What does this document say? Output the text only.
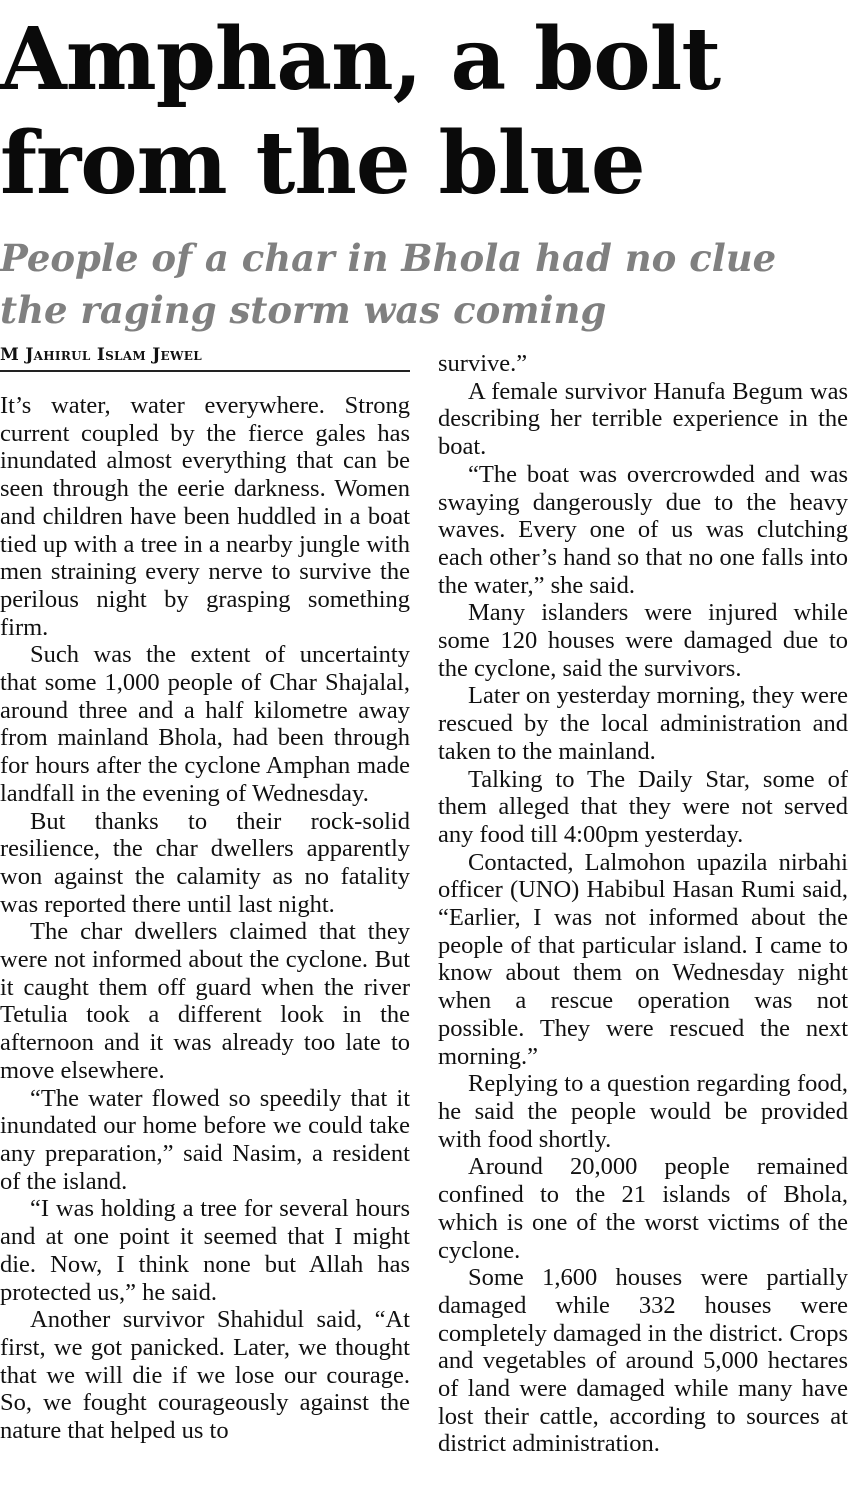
Amphan, a bolt from the blue
People of a char in Bhola had no clue the raging storm was coming
M Jahirul Islam Jewel

It’s water, water everywhere. Strong current coupled by the fierce gales has inundated almost everything that can be seen through the eerie darkness. Women and children have been huddled in a boat tied up with a tree in a nearby jungle with men straining every nerve to survive the perilous night by grasping something firm.

Such was the extent of uncertainty that some 1,000 people of Char Shajalal, around three and a half kilometre away from mainland Bhola, had been through for hours after the cyclone Amphan made landfall in the evening of Wednesday.

But thanks to their rock-solid resilience, the char dwellers apparently won against the calamity as no fatality was reported there until last night.

The char dwellers claimed that they were not informed about the cyclone. But it caught them off guard when the river Tetulia took a different look in the afternoon and it was already too late to move elsewhere.

“The water flowed so speedily that it inundated our home before we could take any preparation,” said Nasim, a resident of the island.

“I was holding a tree for several hours and at one point it seemed that I might die. Now, I think none but Allah has protected us,” he said.

Another survivor Shahidul said, “At first, we got panicked. Later, we thought that we will die if we lose our courage. So, we fought courageously against the nature that helped us to

survive.”

A female survivor Hanufa Begum was describing her terrible experience in the boat.

“The boat was overcrowded and was swaying dangerously due to the heavy waves. Every one of us was clutching each other’s hand so that no one falls into the water,” she said.

Many islanders were injured while some 120 houses were damaged due to the cyclone, said the survivors.

Later on yesterday morning, they were rescued by the local administration and taken to the mainland.

Talking to The Daily Star, some of them alleged that they were not served any food till 4:00pm yesterday.

Contacted, Lalmohon upazila nirbahi officer (UNO) Habibul Hasan Rumi said, “Earlier, I was not informed about the people of that particular island. I came to know about them on Wednesday night when a rescue operation was not possible. They were rescued the next morning.”

Replying to a question regarding food, he said the people would be provided with food shortly.

Around 20,000 people remained confined to the 21 islands of Bhola, which is one of the worst victims of the cyclone.

Some 1,600 houses were partially damaged while 332 houses were completely damaged in the district. Crops and vegetables of around 5,000 hectares of land were damaged while many have lost their cattle, according to sources at district administration.
